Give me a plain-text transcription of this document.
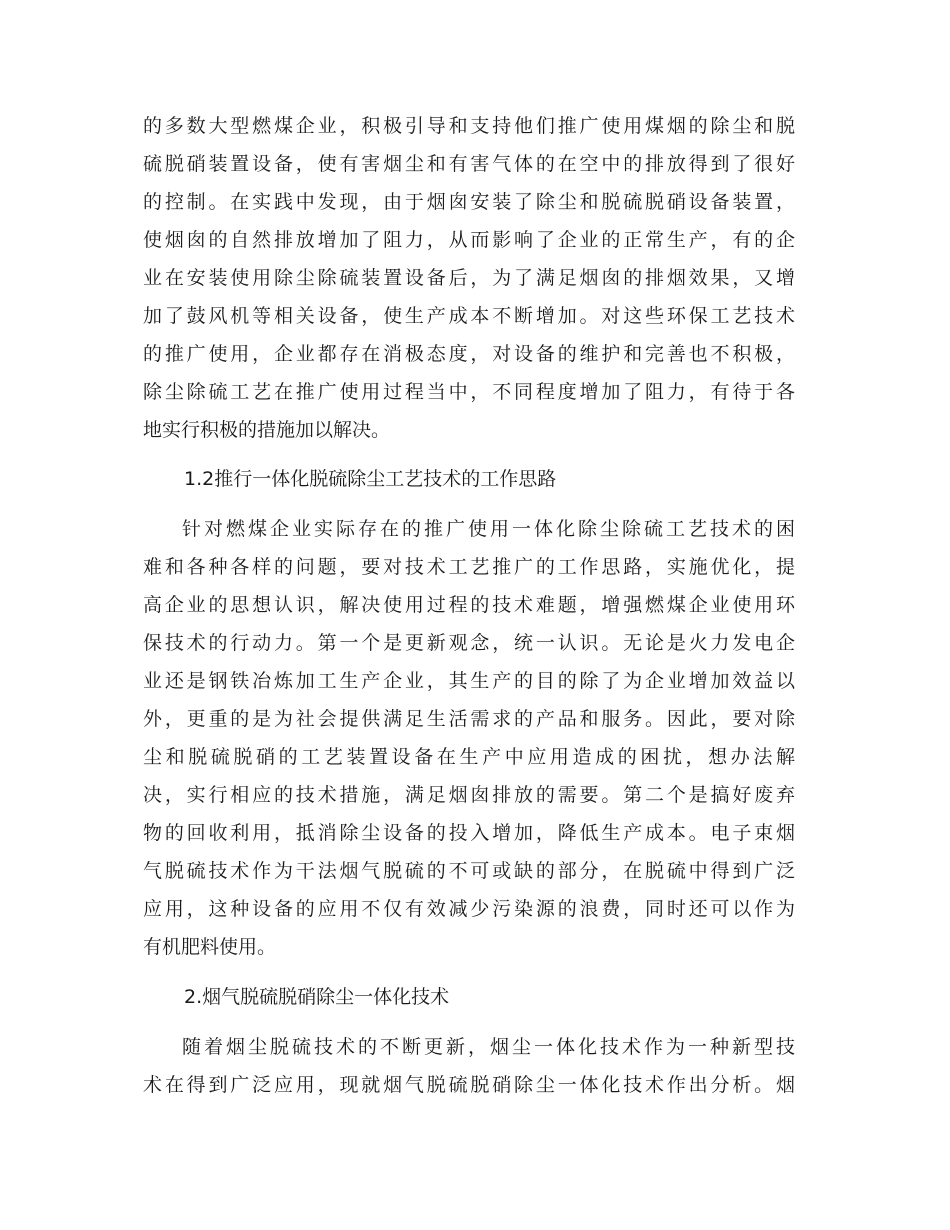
的多数大型燃煤企业，积极引导和支持他们推广使用煤烟的除尘和脱
硫脱硝装置设备，使有害烟尘和有害气体的在空中的排放得到了很好
的控制。在实践中发现，由于烟囱安装了除尘和脱硫脱硝设备装置，
使烟囱的自然排放增加了阻力，从而影响了企业的正常生产，有的企
业在安装使用除尘除硫装置设备后，为了满足烟囱的排烟效果，又增
加了鼓风机等相关设备，使生产成本不断增加。对这些环保工艺技术
的推广使用，企业都存在消极态度，对设备的维护和完善也不积极，
除尘除硫工艺在推广使用过程当中，不同程度增加了阻力，有待于各
地实行积极的措施加以解决。
1.2推行一体化脱硫除尘工艺技术的工作思路
针对燃煤企业实际存在的推广使用一体化除尘除硫工艺技术的困
难和各种各样的问题，要对技术工艺推广的工作思路，实施优化，提
高企业的思想认识，解决使用过程的技术难题，增强燃煤企业使用环
保技术的行动力。第一个是更新观念，统一认识。无论是火力发电企
业还是钢铁冶炼加工生产企业，其生产的目的除了为企业增加效益以
外，更重的是为社会提供满足生活需求的产品和服务。因此，要对除
尘和脱硫脱硝的工艺装置设备在生产中应用造成的困扰，想办法解
决，实行相应的技术措施，满足烟囱排放的需要。第二个是搞好废弃
物的回收利用，抵消除尘设备的投入增加，降低生产成本。电子束烟
气脱硫技术作为干法烟气脱硫的不可或缺的部分，在脱硫中得到广泛
应用，这种设备的应用不仅有效减少污染源的浪费，同时还可以作为
有机肥料使用。
2.烟气脱硫脱硝除尘一体化技术
随着烟尘脱硫技术的不断更新，烟尘一体化技术作为一种新型技
术在得到广泛应用，现就烟气脱硫脱硝除尘一体化技术作出分析。烟
